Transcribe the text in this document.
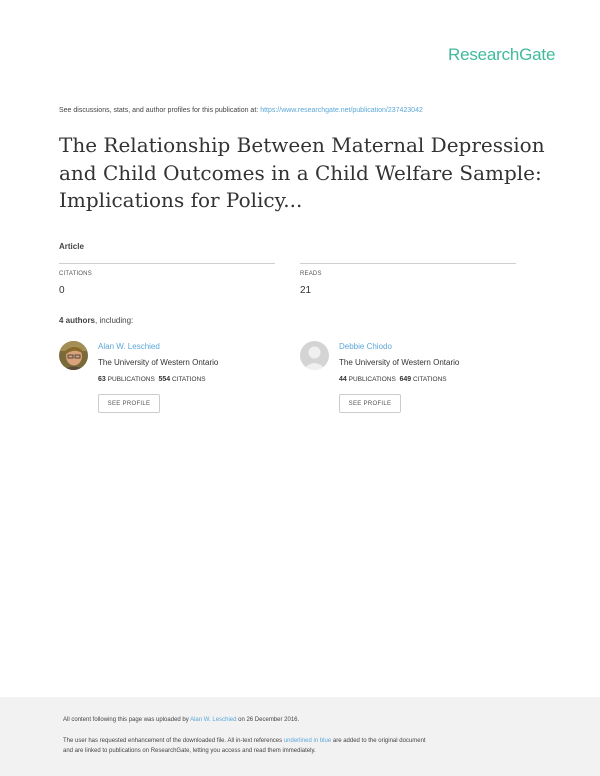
ResearchGate
See discussions, stats, and author profiles for this publication at: https://www.researchgate.net/publication/237423042
The Relationship Between Maternal Depression
and Child Outcomes in a Child Welfare Sample:
Implications for Policy...
Article
CITATIONS
0
READS
21
4 authors, including:
Alan W. Leschied
The University of Western Ontario
63 PUBLICATIONS 554 CITATIONS
SEE PROFILE
Debbie Chiodo
The University of Western Ontario
44 PUBLICATIONS 649 CITATIONS
SEE PROFILE
All content following this page was uploaded by Alan W. Leschied on 26 December 2016.
The user has requested enhancement of the downloaded file. All in-text references underlined in blue are added to the original document
and are linked to publications on ResearchGate, letting you access and read them immediately.
